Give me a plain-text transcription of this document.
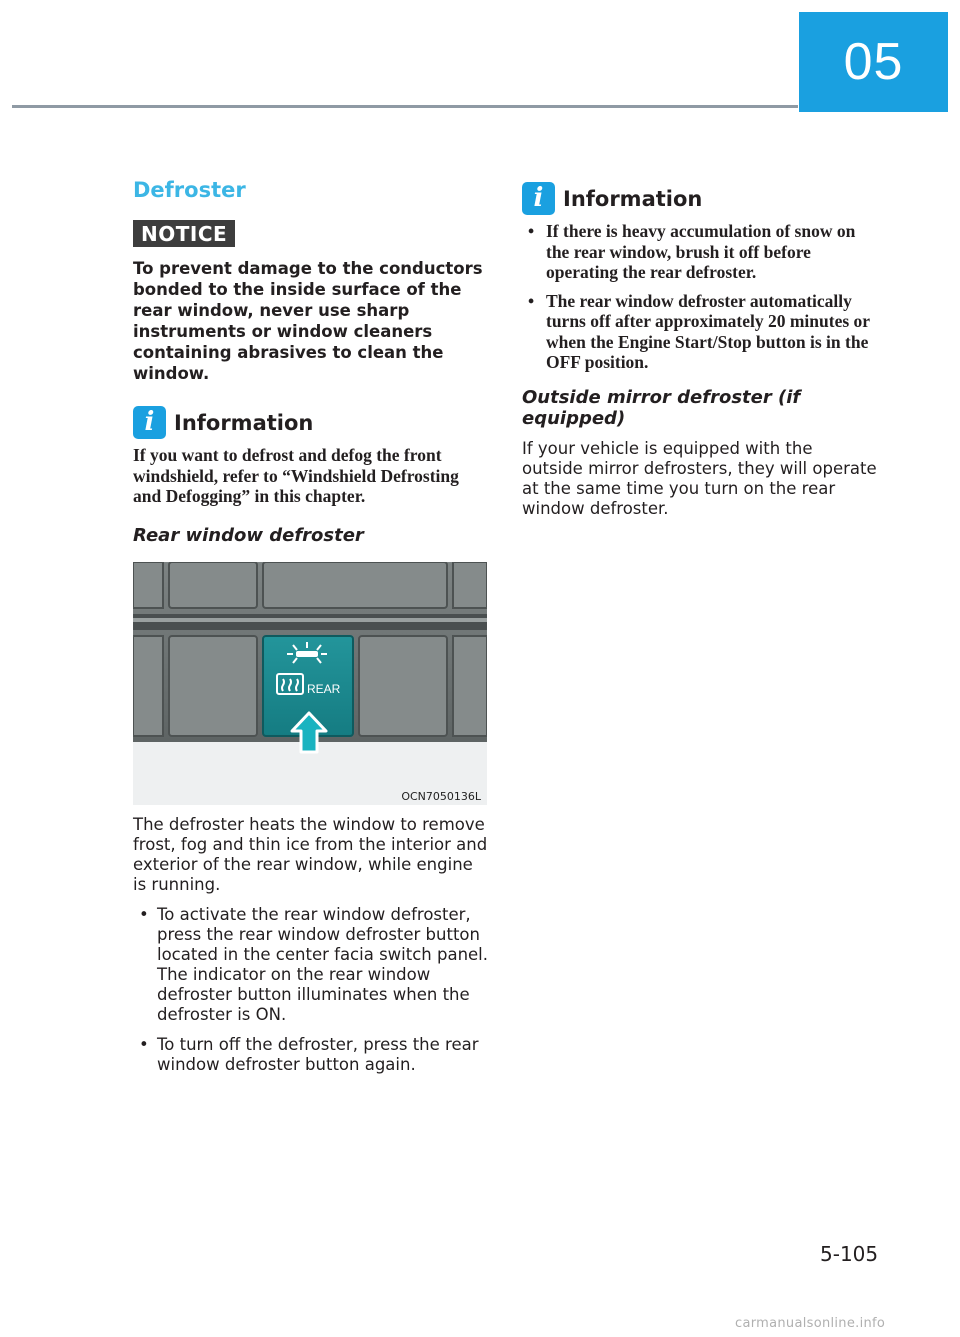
05
Defroster
NOTICE

To prevent damage to the conductors bonded to the inside surface of the rear window, never use sharp instruments or window cleaners containing abrasives to clean the window.

i Information

If you want to defrost and defog the front windshield, refer to “Windshield Defrosting and Defogging” in this chapter.

Rear window defroster
REAR
OCN7050136L

The defroster heats the window to remove frost, fog and thin ice from the interior and exterior of the rear window, while engine is running.

• To activate the rear window defroster, press the rear window defroster button located in the center facia switch panel. The indicator on the rear window defroster button illuminates when the defroster is ON.
• To turn off the defroster, press the rear window defroster button again.
i Information
• If there is heavy accumulation of snow on the rear window, brush it off before operating the rear defroster.
• The rear window defroster automatically turns off after approximately 20 minutes or when the Engine Start/Stop button is in the OFF position.
Outside mirror defroster (if equipped)

If your vehicle is equipped with the outside mirror defrosters, they will operate at the same time you turn on the rear window defroster.

5-105
carmanualsonline.info
